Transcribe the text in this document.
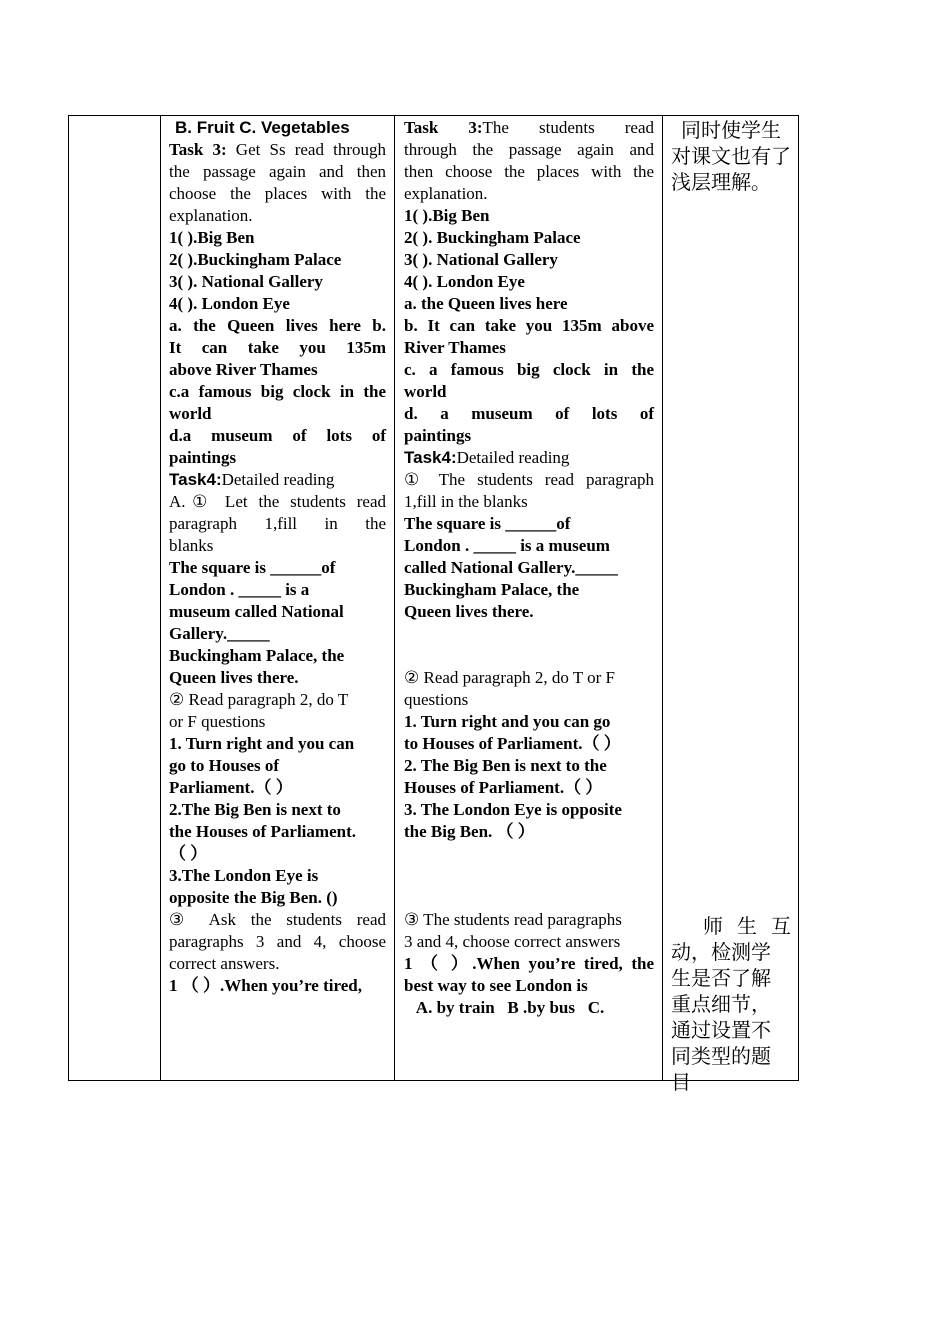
B. Fruit C. Vegetables
Task 3: Get Ss read through
the passage again and then
choose the places with the
explanation.
1( ).Big Ben
2( ).Buckingham Palace
3( ). National Gallery
4( ). London Eye
a. the Queen lives here b.
It can take you 135m
above River Thames
c.a famous big clock in the
world
d.a museum of lots of
paintings
Task4:Detailed reading
A.① Let the students read
paragraph 1,fill in the
blanks
The square is ______of
London . _____ is a
museum called National
Gallery._____
Buckingham Palace, the
Queen lives there.
② Read paragraph 2, do T
or F questions
1. Turn right and you can
go to Houses of
Parliament.（ ）
2.The Big Ben is next to
the Houses of Parliament.
（ ）
3.The London Eye is
opposite the Big Ben. ()
③ Ask the students read
paragraphs 3 and 4, choose
correct answers.
1 （ ）.When you’re tired,
Task 3:The students read
through the passage again and
then choose the places with the
explanation.
1( ).Big Ben
2( ). Buckingham Palace
3( ). National Gallery
4( ). London Eye
a. the Queen lives here
b. It can take you 135m above
River Thames
c. a famous big clock in the
world
d. a museum of lots of
paintings
Task4:Detailed reading
① The students read paragraph
1,fill in the blanks
The square is ______of
London . _____ is a museum
called National Gallery._____
Buckingham Palace, the
Queen lives there.
② Read paragraph 2, do T or F
questions
1. Turn right and you can go
to Houses of Parliament.（ ）
2. The Big Ben is next to the
Houses of Parliament.（ ）
3. The London Eye is opposite
the Big Ben. （ ）
③ The students read paragraphs
3 and 4, choose correct answers
1 （ ）.When you’re tired, the
best way to see London is
A. by train   B .by bus   C.
同时使学生
对课文也有了
浅层理解。
师生互
动，检测学
生是否了解
重点细节，
通过设置不
同类型的题
目
